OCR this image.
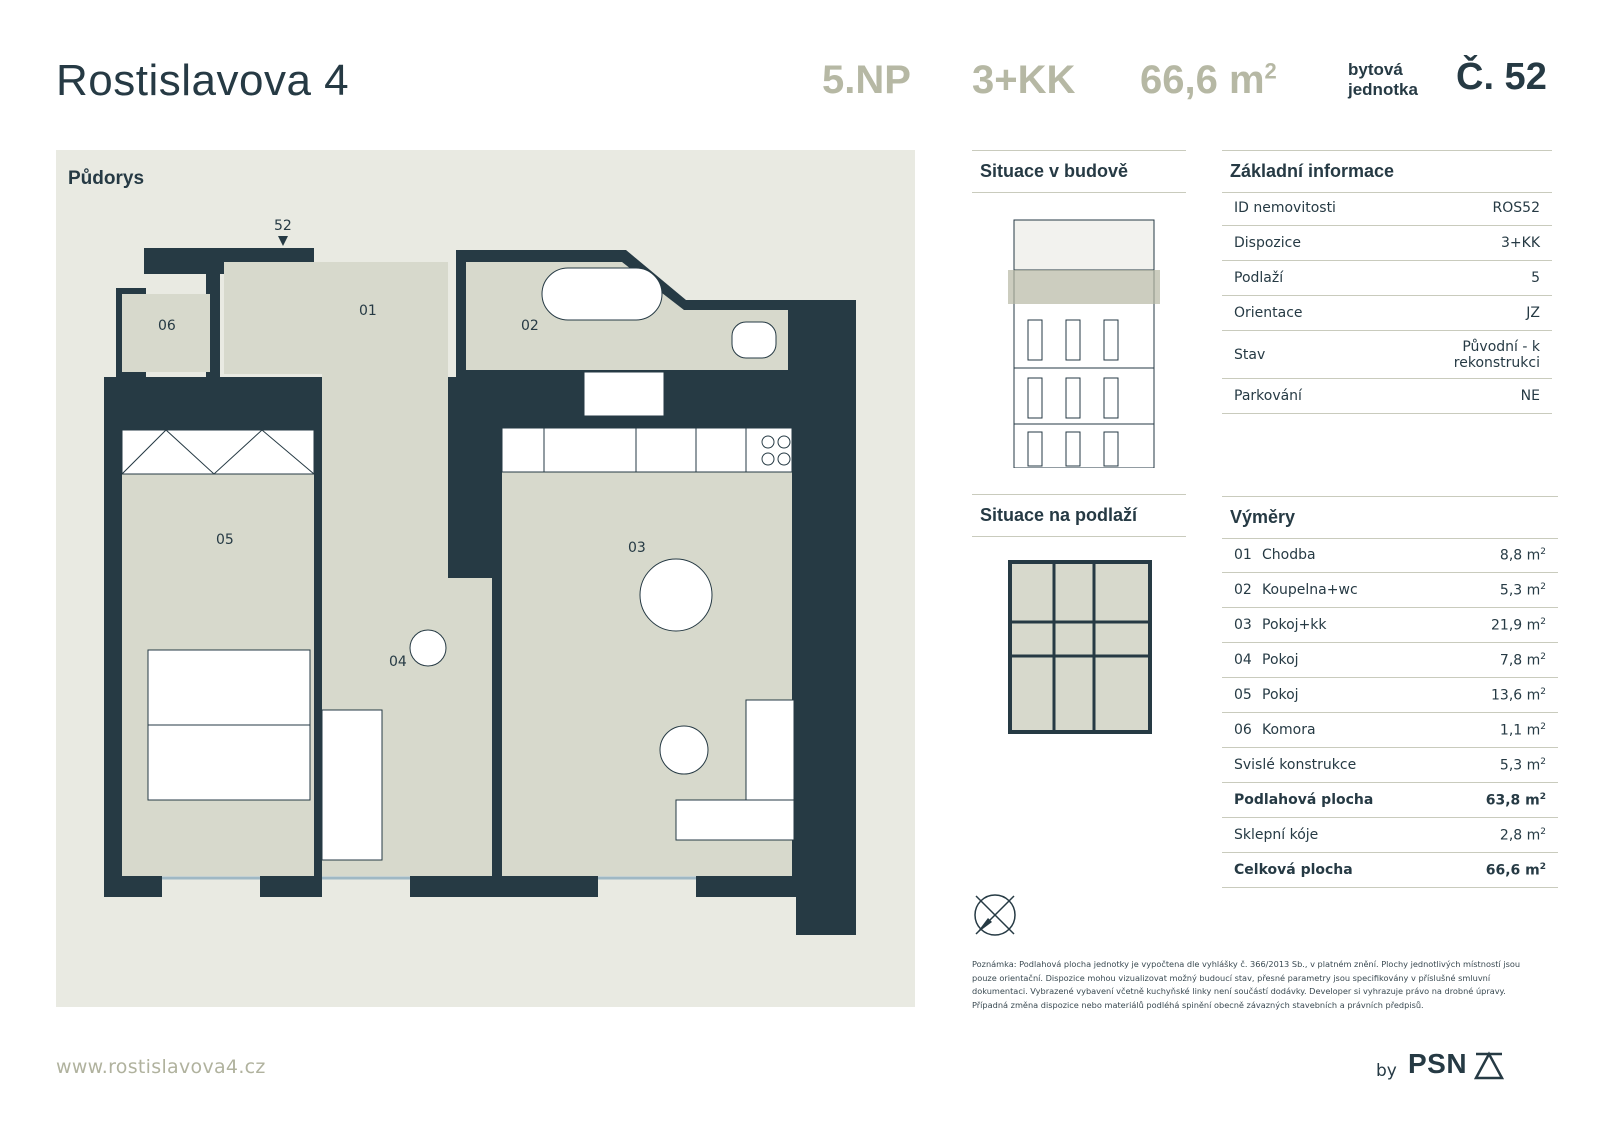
Rostislavova 4	5.NP 3+KK 66,6 $m^2$	bytová
jednotka Č. 52
52
01
02
03
04
05
06
Půdorys	Situace v budově
Situace na podlaží
Základní informace
ID nemovitosti	ROS52
Dispozice	3+KK
Podlaží	5
Orientace	JZ
Stav	Původní - k
rekonstrukci
Parkování	NE
Výměry
01 Chodba	8,8 $m^2$
02 Koupelna+wc	5,3 $m^2$
03 Pokoj+kk	21,9 $m^2$
04 Pokoj	7,8 $m^2$
05 Pokoj	13,6 $m^2$
06 Komora	1,1 $m^2$
Svislé konstrukce	5,3 $m^2$
Podlahová plocha	63,8 $m^2$
Sklepní kóje	2,8 $m^2$
Celková plocha	66,6 $m^2$
Poznámka: Podlahová plocha jednotky je vypočtena dle vyhlášky č. 366/2013 Sb., v platném znění. Plochy jednotlivých místností jsou pouze orientační. Dispozice mohou vizualizovat možný budoucí stav, přesné parametry jsou specifikovány v příslušné smluvní dokumentaci. Vybrazené vybavení včetně kuchyňské linky není součástí dodávky. Developer si vyhrazuje právo na drobné úpravy. Případná změna dispozice nebo materiálů podléhá spinění obecně závazných stavebních a právních předpisů.
www.rostislavova4.cz	by PSN
